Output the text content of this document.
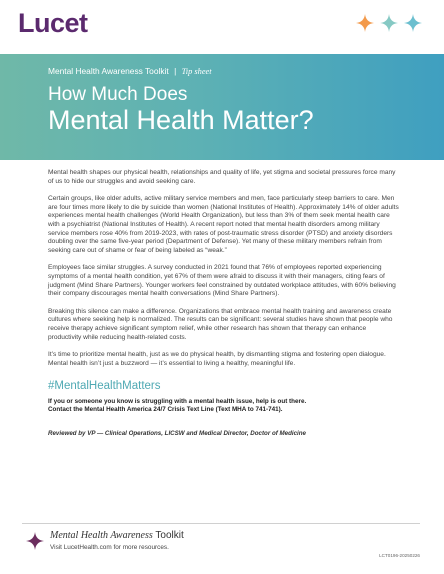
Lucet
Mental Health Awareness Toolkit | Tip sheet
How Much Does
Mental Health Matter?

Mental health shapes our physical health, relationships and quality of life, yet stigma and societal pressures force many of us to hide our struggles and avoid seeking care.

Certain groups, like older adults, active military service members and men, face particularly steep barriers to care. Men are four times more likely to die by suicide than women (National Institutes of Health). Approximately 14% of older adults experiences mental health challenges (World Health Organization), but less than 3% of them seek mental health care with a psychiatrist (National Institutes of Health). A recent report noted that mental health disorders among military service members rose 40% from 2019-2023, with rates of post-traumatic stress disorder (PTSD) and anxiety disorders doubling over the same five-year period (Department of Defense). Yet many of these military members refrain from seeking care out of shame or fear of being labeled as “weak.”

Employees face similar struggles. A survey conducted in 2021 found that 76% of employees reported experiencing symptoms of a mental health condition, yet 67% of them were afraid to discuss it with their managers, citing fears of judgment (Mind Share Partners). Younger workers feel constrained by outdated workplace attitudes, with 60% believing their company discourages mental health conversations (Mind Share Partners).

Breaking this silence can make a difference. Organizations that embrace mental health training and awareness create cultures where seeking help is normalized. The results can be significant: several studies have shown that people who receive therapy achieve significant symptom relief, while other research has shown that therapy can enhance productivity while reducing health-related costs.

It’s time to prioritize mental health, just as we do physical health, by dismantling stigma and fostering open dialogue. Mental health isn’t just a buzzword — it’s essential to living a healthy, meaningful life.

#MentalHealthMatters
If you or someone you know is struggling with a mental health issue, help is out there.
Contact the Mental Health America 24/7 Crisis Text Line (Text MHA to 741-741).
Reviewed by VP — Clinical Operations, LICSW and Medical Director, Doctor of Medicine
Mental Health Awareness Toolkit
Visit LucetHealth.com for more resources.
LCT0196-20250226
